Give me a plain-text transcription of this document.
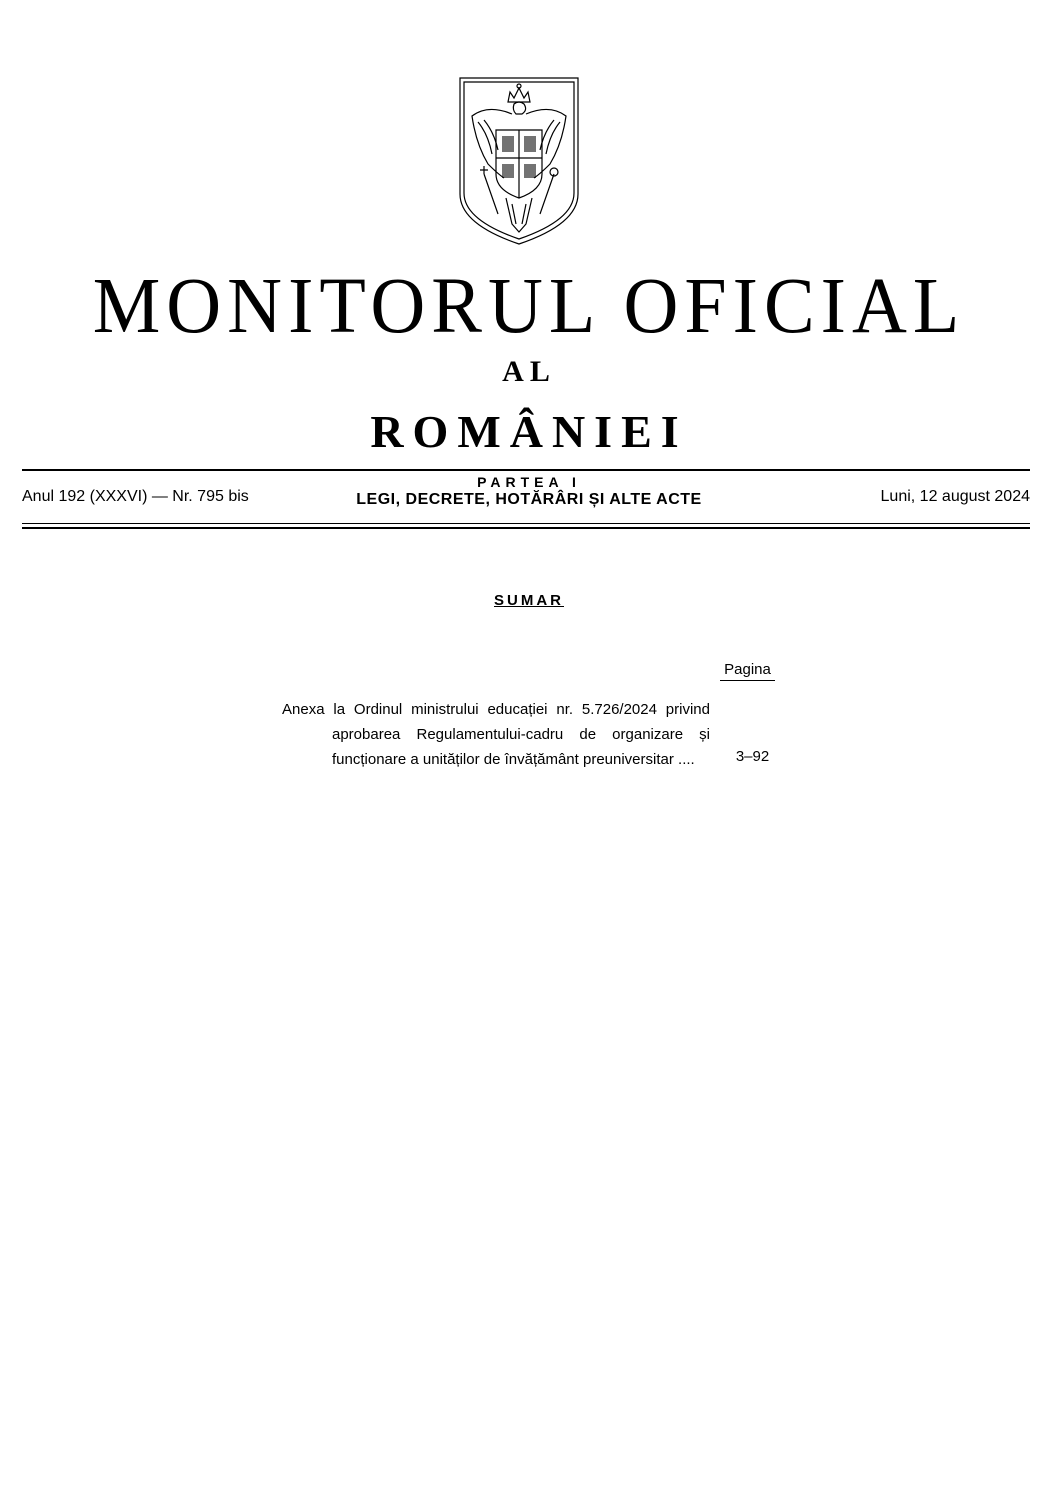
MONITORUL OFICIAL
AL
ROMÂNIEI
Anul 192 (XXXVI) — Nr. 795 bis
PARTEA I
LEGI, DECRETE, HOTĂRÂRI ȘI ALTE ACTE	Luni, 12 august 2024
SUMAR
Pagina
Anexa la Ordinul ministrului educației nr. 5.726/2024 privind
aprobarea Regulamentului-cadru de organizare și
funcționare a unităților de învățământ preuniversitar ....	3–92
